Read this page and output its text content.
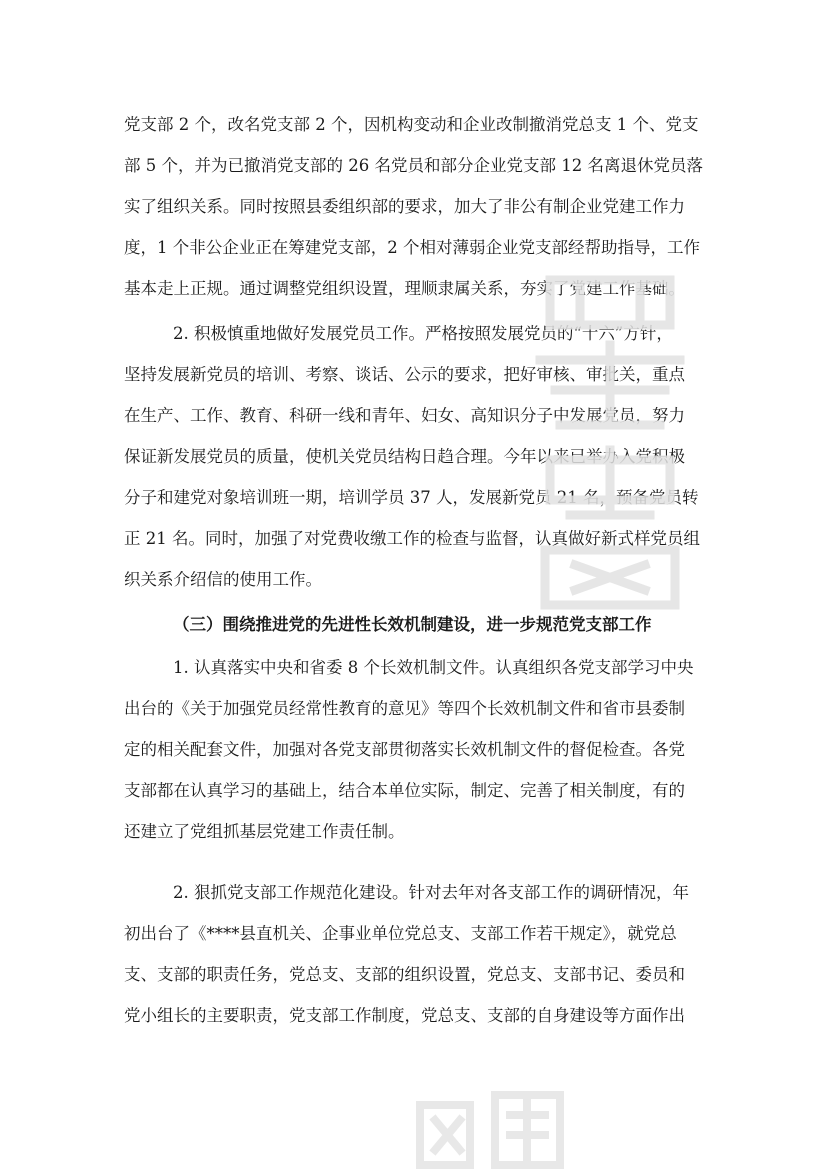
党支部 2 个，改名党支部 2 个，因机构变动和企业改制撤消党总支 1 个、党支
部 5 个，并为已撤消党支部的 26 名党员和部分企业党支部 12 名离退休党员落
实了组织关系。同时按照县委组织部的要求，加大了非公有制企业党建工作力
度，1 个非公企业正在筹建党支部，2 个相对薄弱企业党支部经帮助指导，工作
基本走上正规。通过调整党组织设置，理顺隶属关系，夯实了党建工作基础。

2. 积极慎重地做好发展党员工作。严格按照发展党员的“十六”方针，
坚持发展新党员的培训、考察、谈话、公示的要求，把好审核、审批关，重点
在生产、工作、教育、科研一线和青年、妇女、高知识分子中发展党员，努力
保证新发展党员的质量，使机关党员结构日趋合理。今年以来已举办入党积极
分子和建党对象培训班一期，培训学员 37 人，发展新党员 21 名，预备党员转
正 21 名。同时，加强了对党费收缴工作的检查与监督，认真做好新式样党员组
织关系介绍信的使用工作。

（三）围绕推进党的先进性长效机制建设，进一步规范党支部工作

1. 认真落实中央和省委 8 个长效机制文件。认真组织各党支部学习中央
出台的《关于加强党员经常性教育的意见》等四个长效机制文件和省市县委制
定的相关配套文件，加强对各党支部贯彻落实长效机制文件的督促检查。各党
支部都在认真学习的基础上，结合本单位实际，制定、完善了相关制度，有的
还建立了党组抓基层党建工作责任制。

2. 狠抓党支部工作规范化建设。针对去年对各支部工作的调研情况，年
初出台了《****县直机关、企事业单位党总支、支部工作若干规定》，就党总
支、支部的职责任务，党总支、支部的组织设置，党总支、支部书记、委员和
党小组长的主要职责，党支部工作制度，党总支、支部的自身建设等方面作出
